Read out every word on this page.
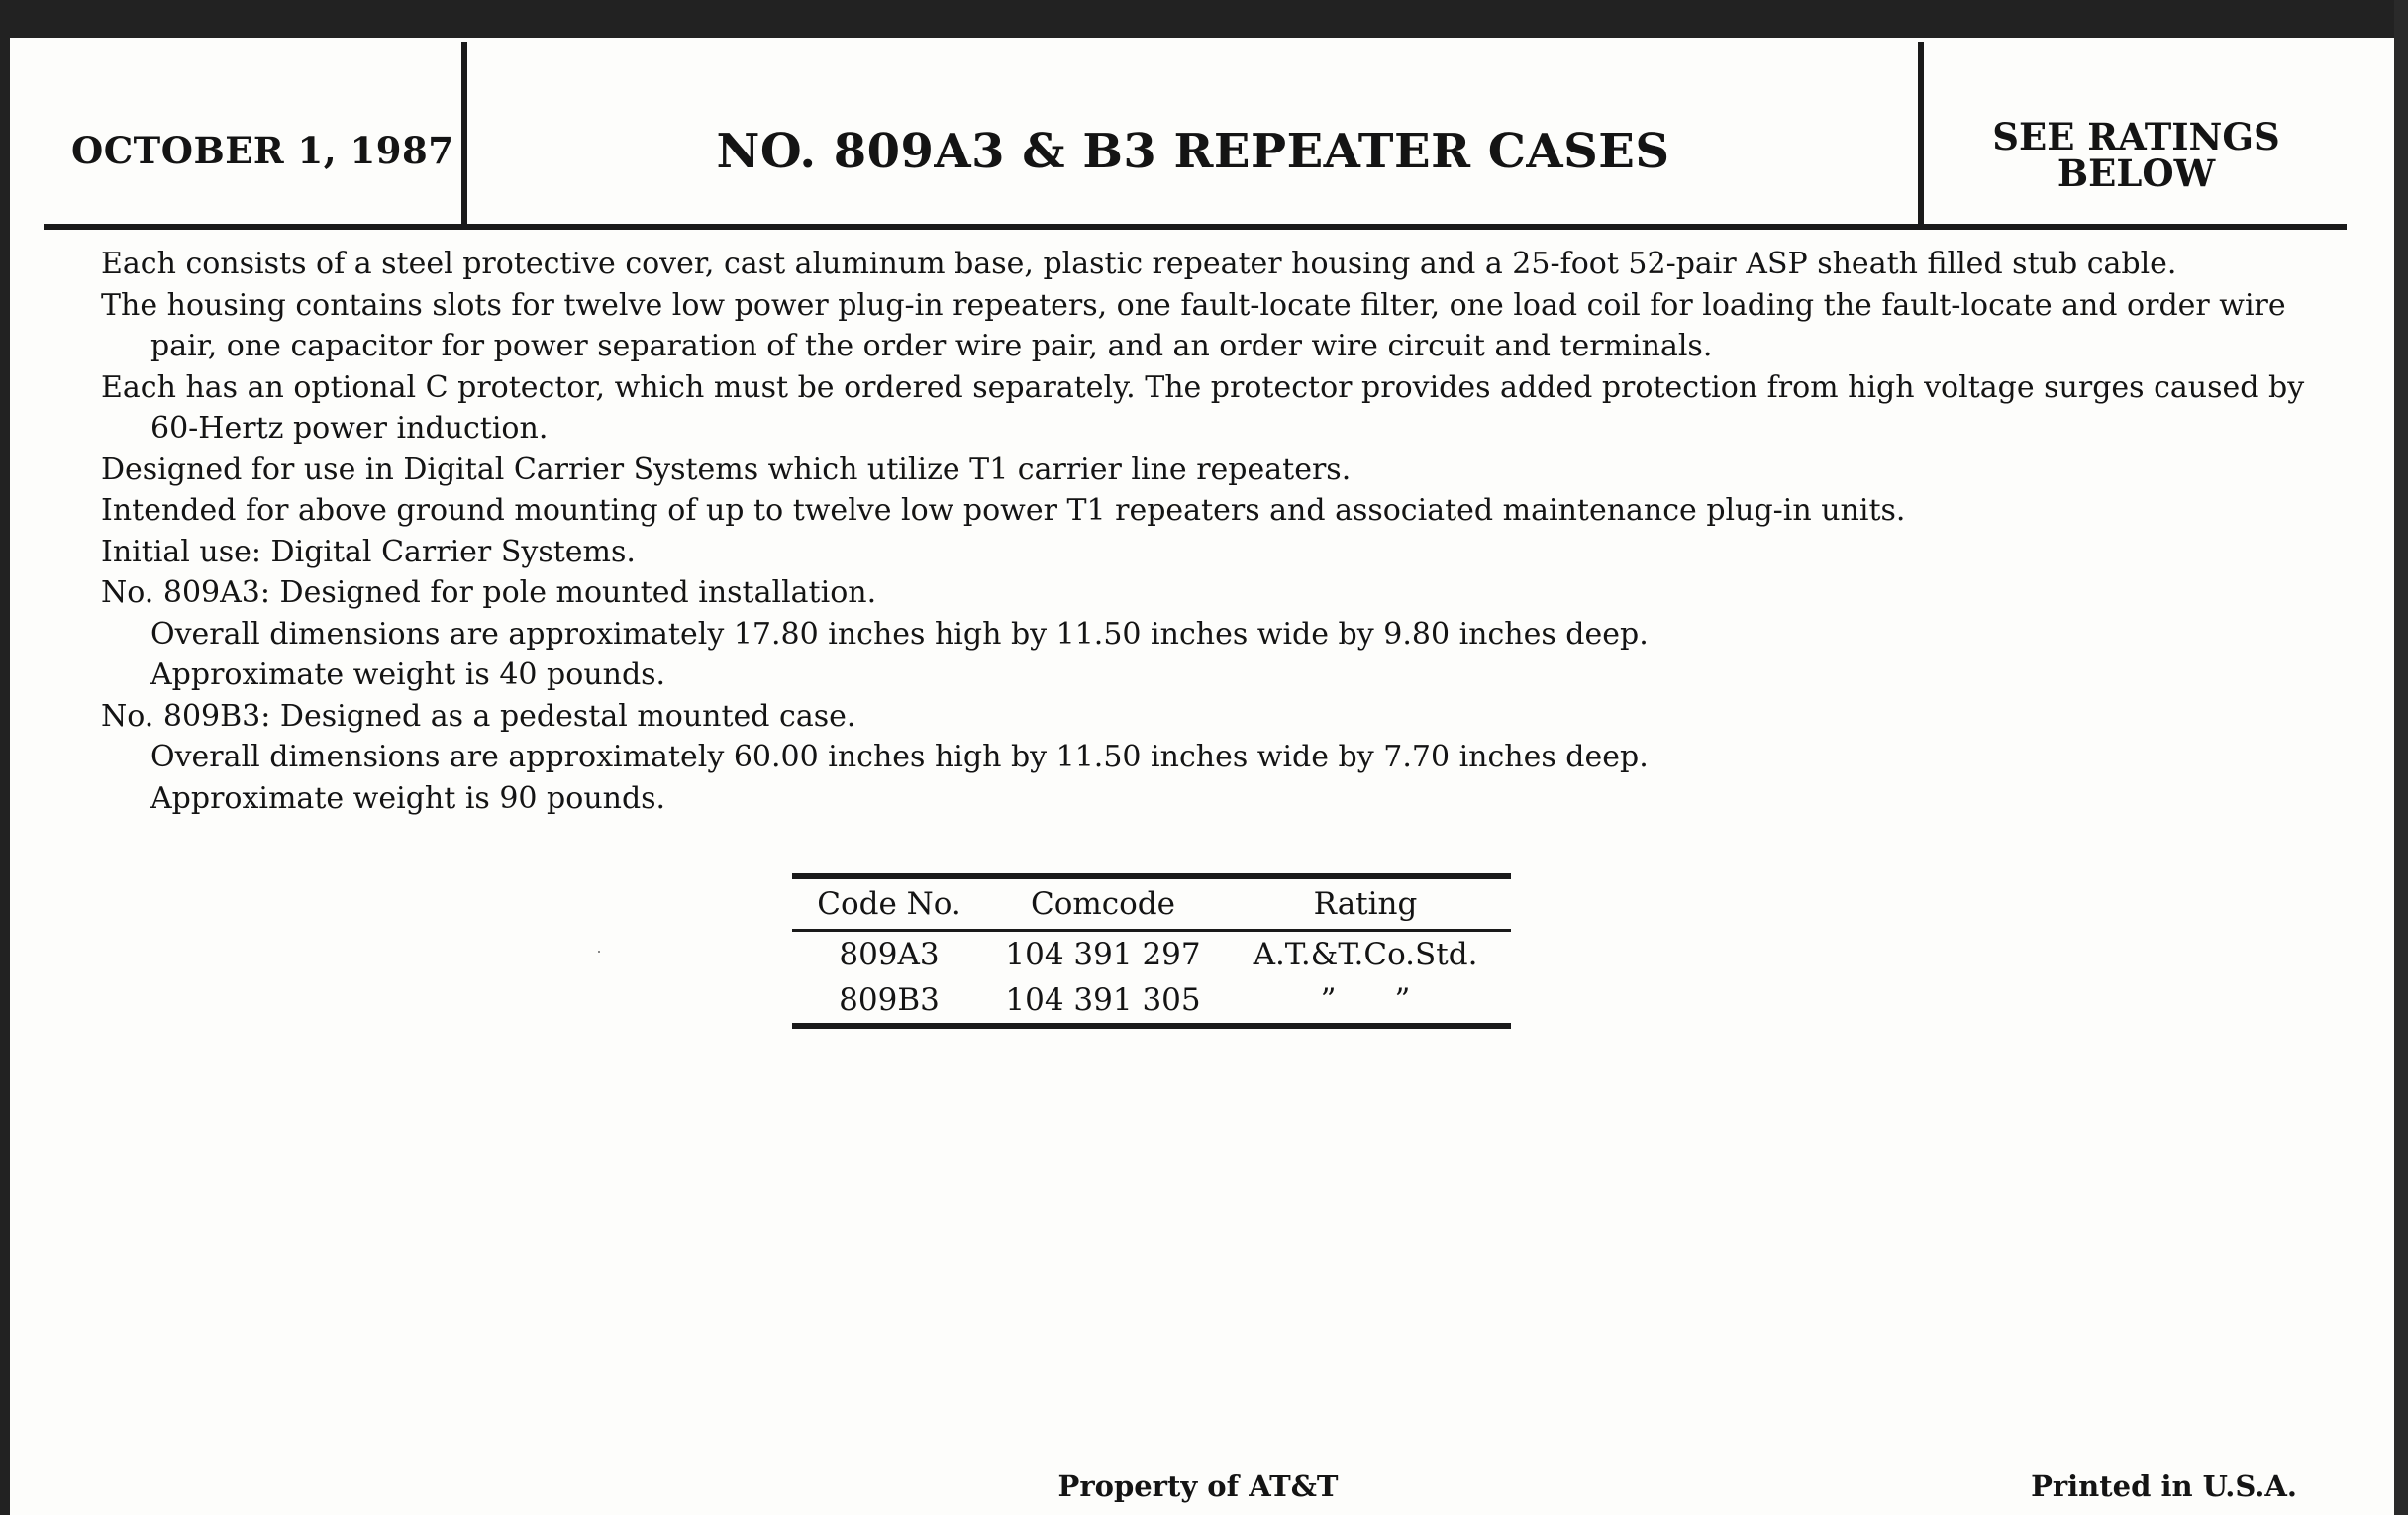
OCTOBER 1, 1987	NO. 809A3 & B3 REPEATER CASES	SEE RATINGS
BELOW

Each consists of a steel protective cover, cast aluminum base, plastic repeater housing and a 25-foot 52-pair ASP sheath filled stub cable.

The housing contains slots for twelve low power plug-in repeaters, one fault-locate filter, one load coil for loading the fault-locate and order wire pair, one capacitor for power separation of the order wire pair, and an order wire circuit and terminals.

Each has an optional C protector, which must be ordered separately. The protector provides added protection from high voltage surges caused by 60-Hertz power induction.

Designed for use in Digital Carrier Systems which utilize T1 carrier line repeaters.

Intended for above ground mounting of up to twelve low power T1 repeaters and associated maintenance plug-in units.

Initial use: Digital Carrier Systems.

No. 809A3: Designed for pole mounted installation.

Overall dimensions are approximately 17.80 inches high by 11.50 inches wide by 9.80 inches deep.

Approximate weight is 40 pounds.

No. 809B3: Designed as a pedestal mounted case.

Overall dimensions are approximately 60.00 inches high by 11.50 inches wide by 7.70 inches deep.

Approximate weight is 90 pounds.

Code No.	Comcode	Rating
809A3	104 391 297	A.T.&T.Co.Std.
809B3	104 391 305	”      ”
Property of AT&T	Printed in U.S.A.
